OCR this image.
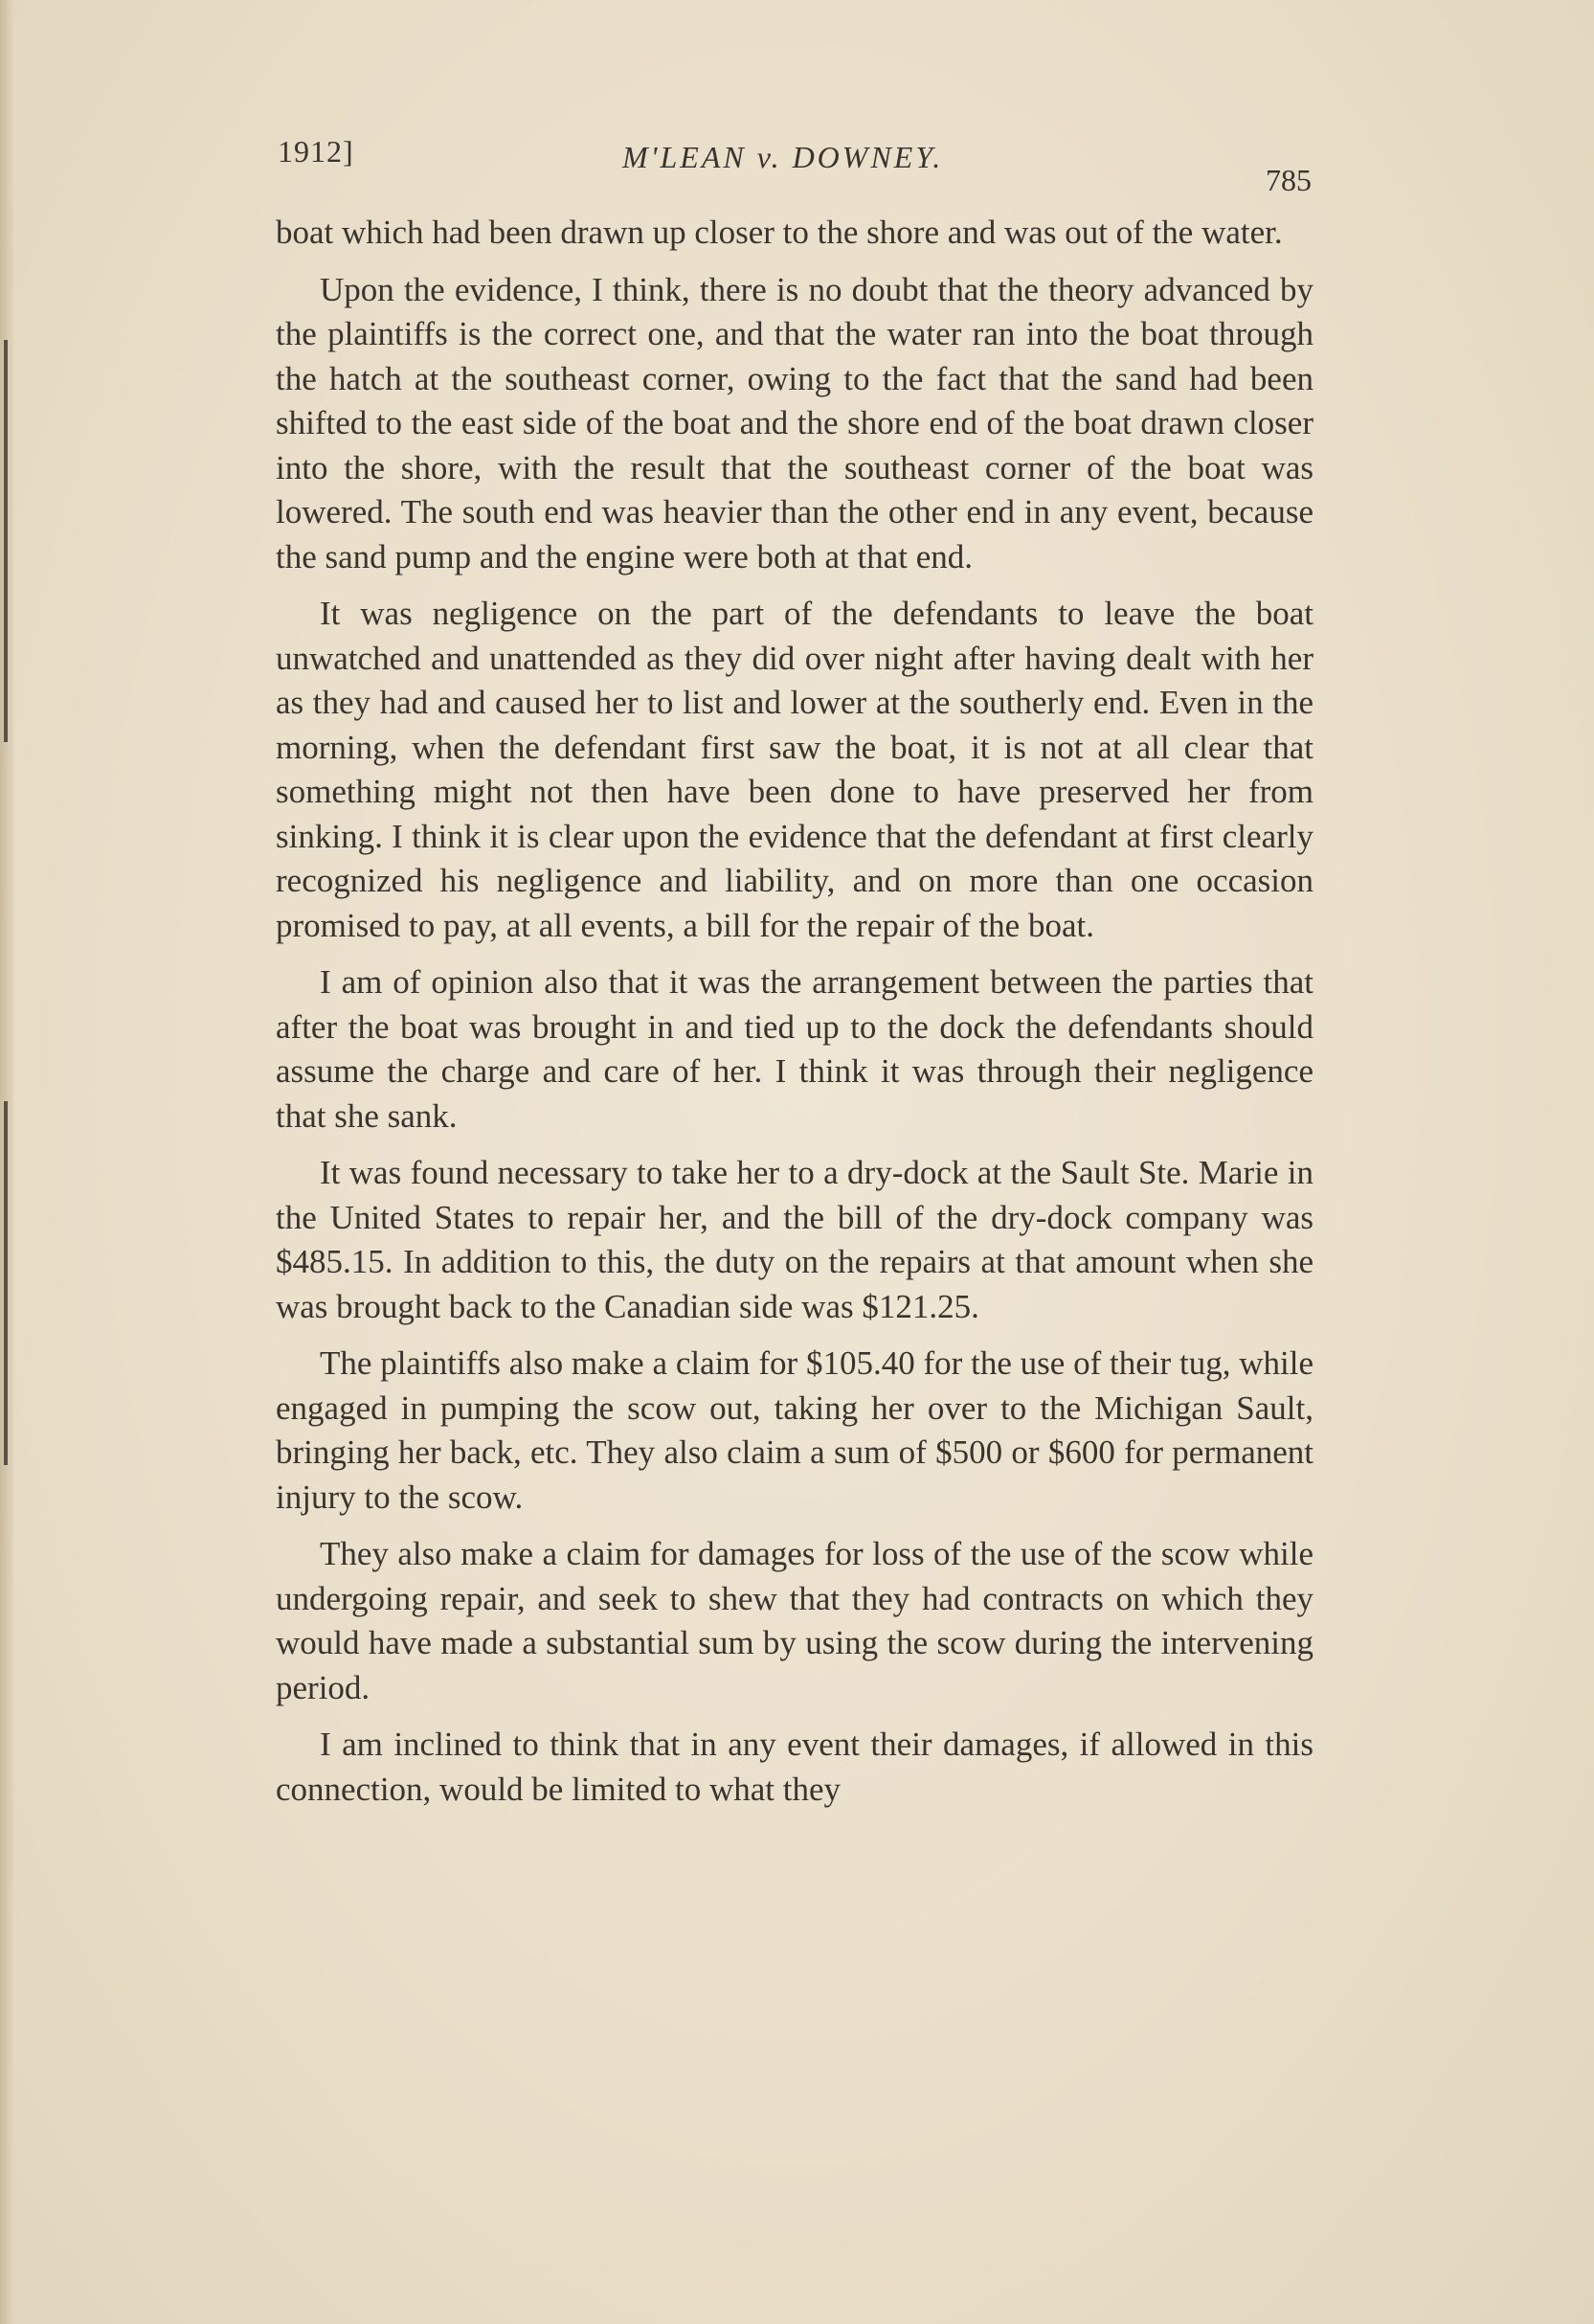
1912]	M'LEAN v. DOWNEY.
785

boat which had been drawn up closer to the shore and was out of the water.

Upon the evidence, I think, there is no doubt that the theory advanced by the plaintiffs is the correct one, and that the water ran into the boat through the hatch at the southeast corner, owing to the fact that the sand had been shifted to the east side of the boat and the shore end of the boat drawn closer into the shore, with the result that the southeast corner of the boat was lowered. The south end was heavier than the other end in any event, because the sand pump and the engine were both at that end.

It was negligence on the part of the defendants to leave the boat unwatched and unattended as they did over night after having dealt with her as they had and caused her to list and lower at the southerly end. Even in the morning, when the defendant first saw the boat, it is not at all clear that something might not then have been done to have preserved her from sinking. I think it is clear upon the evidence that the defendant at first clearly recognized his negligence and liability, and on more than one occasion promised to pay, at all events, a bill for the repair of the boat.

I am of opinion also that it was the arrangement between the parties that after the boat was brought in and tied up to the dock the defendants should assume the charge and care of her. I think it was through their negligence that she sank.

It was found necessary to take her to a dry-dock at the Sault Ste. Marie in the United States to repair her, and the bill of the dry-dock company was $485.15. In addition to this, the duty on the repairs at that amount when she was brought back to the Canadian side was $121.25.

The plaintiffs also make a claim for $105.40 for the use of their tug, while engaged in pumping the scow out, taking her over to the Michigan Sault, bringing her back, etc. They also claim a sum of $500 or $600 for permanent injury to the scow.

They also make a claim for damages for loss of the use of the scow while undergoing repair, and seek to shew that they had contracts on which they would have made a substantial sum by using the scow during the intervening period.

I am inclined to think that in any event their damages, if allowed in this connection, would be limited to what they
